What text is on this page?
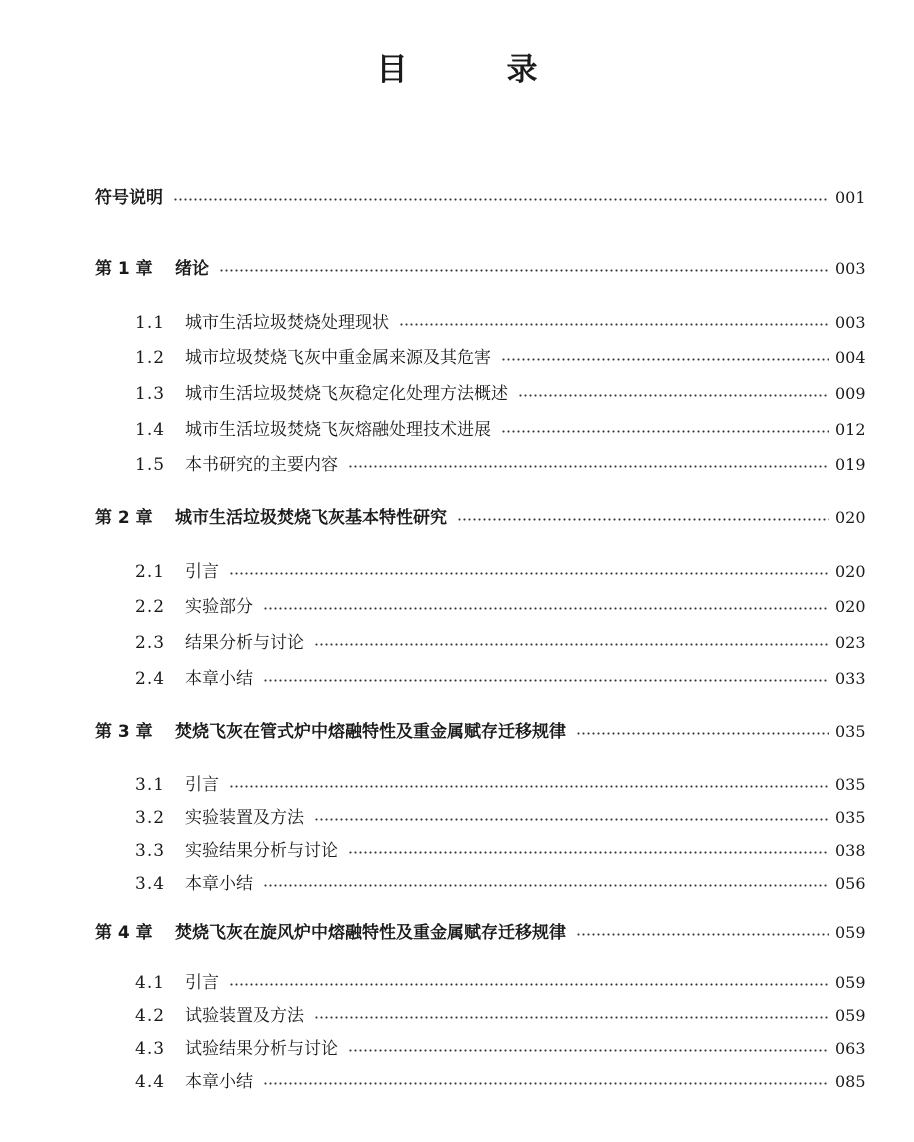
目　录
符号说明	001
第 1 章	绪论	003
1.1	城市生活垃圾焚烧处理现状	003
1.2	城市垃圾焚烧飞灰中重金属来源及其危害	004
1.3	城市生活垃圾焚烧飞灰稳定化处理方法概述	009
1.4	城市生活垃圾焚烧飞灰熔融处理技术进展	012
1.5	本书研究的主要内容	019
第 2 章	城市生活垃圾焚烧飞灰基本特性研究	020
2.1	引言	020
2.2	实验部分	020
2.3	结果分析与讨论	023
2.4	本章小结	033
第 3 章	焚烧飞灰在管式炉中熔融特性及重金属赋存迁移规律	035
3.1	引言	035
3.2	实验装置及方法	035
3.3	实验结果分析与讨论	038
3.4	本章小结	056
第 4 章	焚烧飞灰在旋风炉中熔融特性及重金属赋存迁移规律	059
4.1	引言	059
4.2	试验装置及方法	059
4.3	试验结果分析与讨论	063
4.4	本章小结	085
